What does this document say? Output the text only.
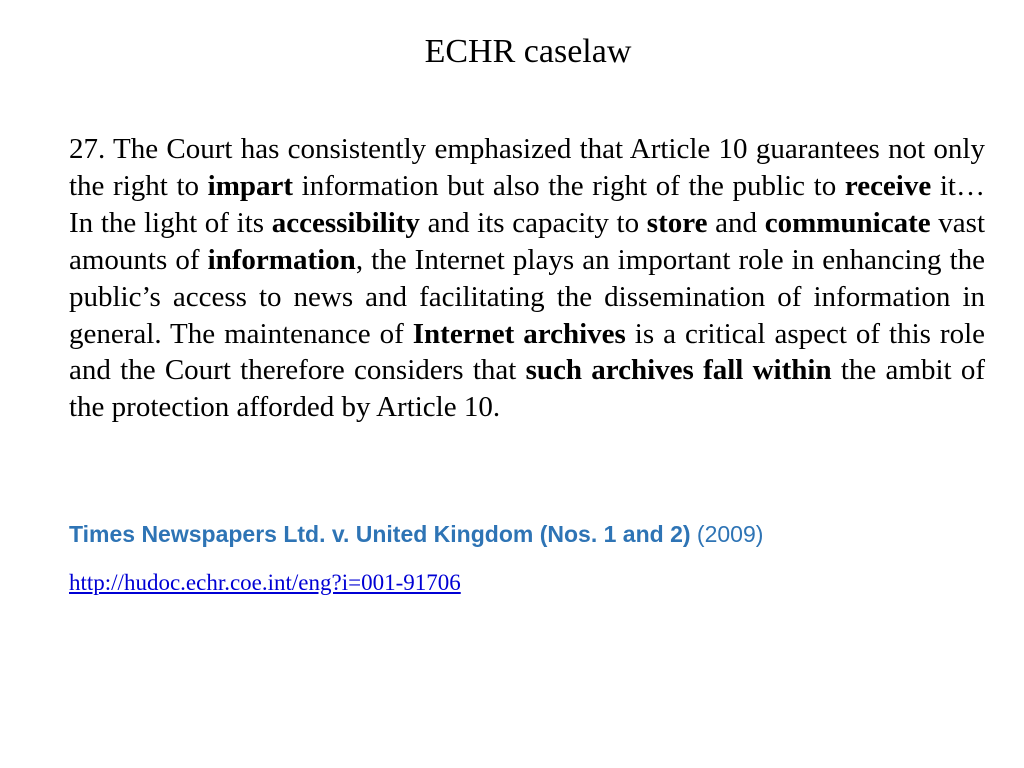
ECHR caselaw

27. The Court has consistently emphasized that Article 10 guarantees not only the right to impart information but also the right of the public to receive it…In the light of its accessibility and its capacity to store and communicate vast amounts of information, the Internet plays an important role in enhancing the public’s access to news and facilitating the dissemination of information in general. The maintenance of Internet archives is a critical aspect of this role and the Court therefore considers that such archives fall within the ambit of the protection afforded by Article 10.

Times Newspapers Ltd. v. United Kingdom (Nos. 1 and 2) (2009)

http://hudoc.echr.coe.int/eng?i=001-91706
